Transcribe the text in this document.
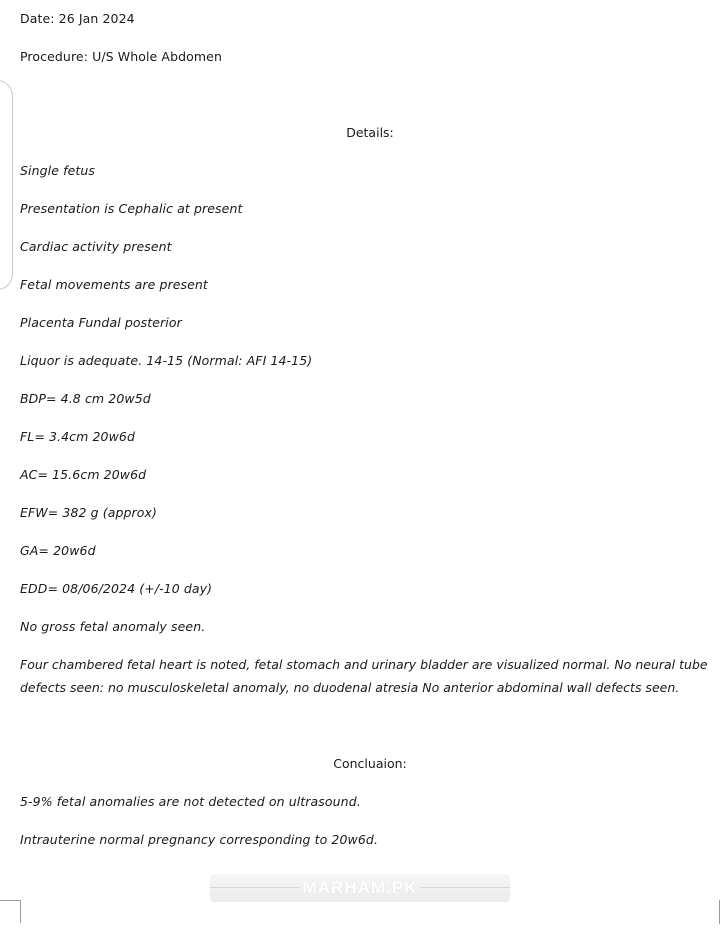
Date: 26 Jan 2024
Procedure: U/S Whole Abdomen
Details:
Single fetus
Presentation is Cephalic at present
Cardiac activity present
Fetal movements are present
Placenta Fundal posterior
Liquor is adequate. 14-15 (Normal: AFI 14-15)
BDP= 4.8 cm 20w5d
FL= 3.4cm 20w6d
AC= 15.6cm 20w6d
EFW= 382 g (approx)
GA= 20w6d
EDD= 08/06/2024 (+/-10 day)
No gross fetal anomaly seen.
Four chambered fetal heart is noted, fetal stomach and urinary bladder are visualized normal. No neural tube defects seen: no musculoskeletal anomaly, no duodenal atresia No anterior abdominal wall defects seen.
Concluaion:
5-9% fetal anomalies are not detected on ultrasound.
Intrauterine normal pregnancy corresponding to 20w6d.
MARHAM.PK
